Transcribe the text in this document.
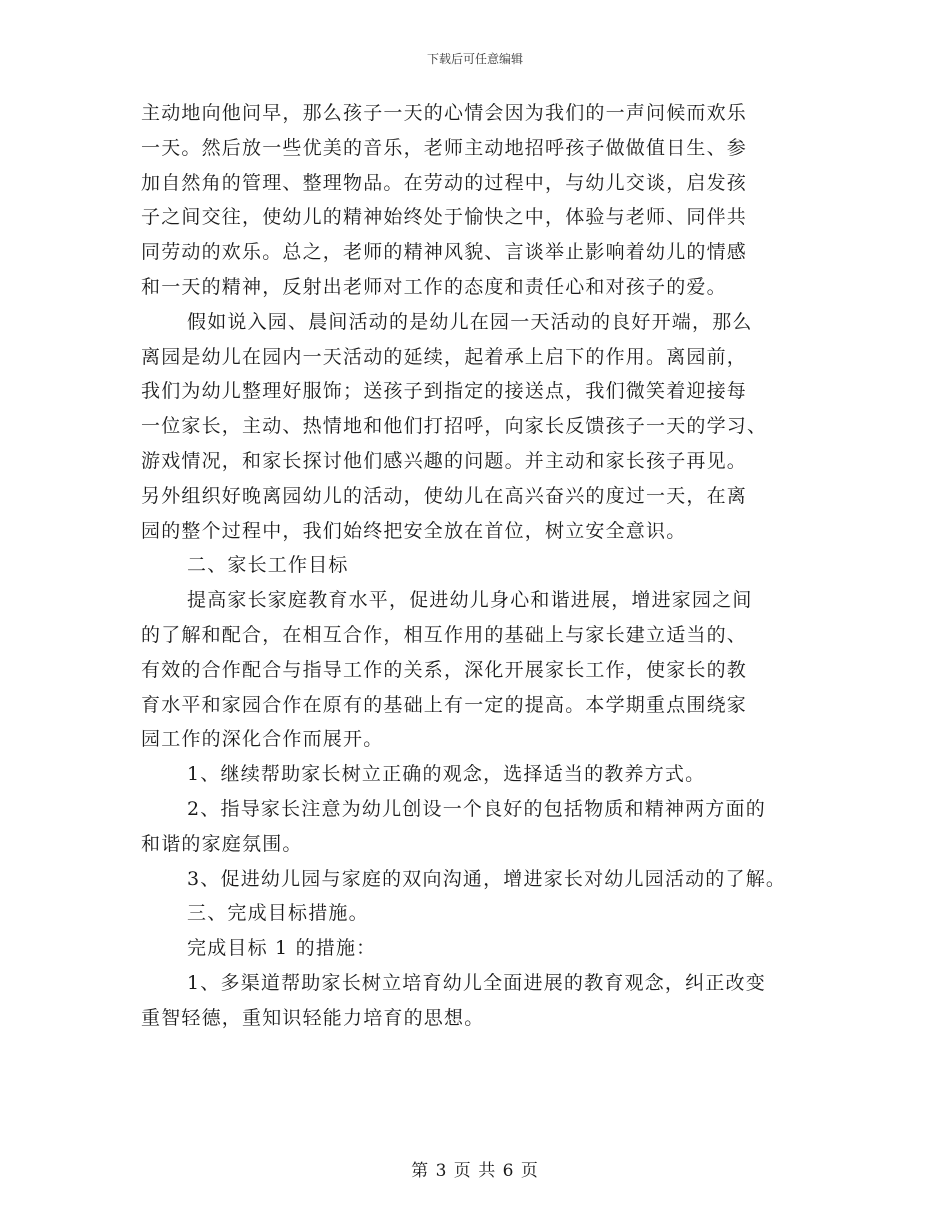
下载后可任意编辑
主动地向他问早，那么孩子一天的心情会因为我们的一声问候而欢乐
一天。然后放一些优美的音乐，老师主动地招呼孩子做做值日生、参
加自然角的管理、整理物品。在劳动的过程中，与幼儿交谈，启发孩
子之间交往，使幼儿的精神始终处于愉快之中，体验与老师、同伴共
同劳动的欢乐。总之，老师的精神风貌、言谈举止影响着幼儿的情感
和一天的精神，反射出老师对工作的态度和责任心和对孩子的爱。
假如说入园、晨间活动的是幼儿在园一天活动的良好开端，那么
离园是幼儿在园内一天活动的延续，起着承上启下的作用。离园前，
我们为幼儿整理好服饰；送孩子到指定的接送点，我们微笑着迎接每
一位家长，主动、热情地和他们打招呼，向家长反馈孩子一天的学习、
游戏情况，和家长探讨他们感兴趣的问题。并主动和家长孩子再见。
另外组织好晚离园幼儿的活动，使幼儿在高兴奋兴的度过一天，在离
园的整个过程中，我们始终把安全放在首位，树立安全意识。
二、家长工作目标
提高家长家庭教育水平，促进幼儿身心和谐进展，增进家园之间
的了解和配合，在相互合作，相互作用的基础上与家长建立适当的、
有效的合作配合与指导工作的关系，深化开展家长工作，使家长的教
育水平和家园合作在原有的基础上有一定的提高。本学期重点围绕家
园工作的深化合作而展开。
1、继续帮助家长树立正确的观念，选择适当的教养方式。
2、指导家长注意为幼儿创设一个良好的包括物质和精神两方面的
和谐的家庭氛围。
3、促进幼儿园与家庭的双向沟通，增进家长对幼儿园活动的了解。
三、完成目标措施。
完成目标 1 的措施：
1、多渠道帮助家长树立培育幼儿全面进展的教育观念，纠正改变
重智轻德，重知识轻能力培育的思想。
第 3 页 共 6 页
